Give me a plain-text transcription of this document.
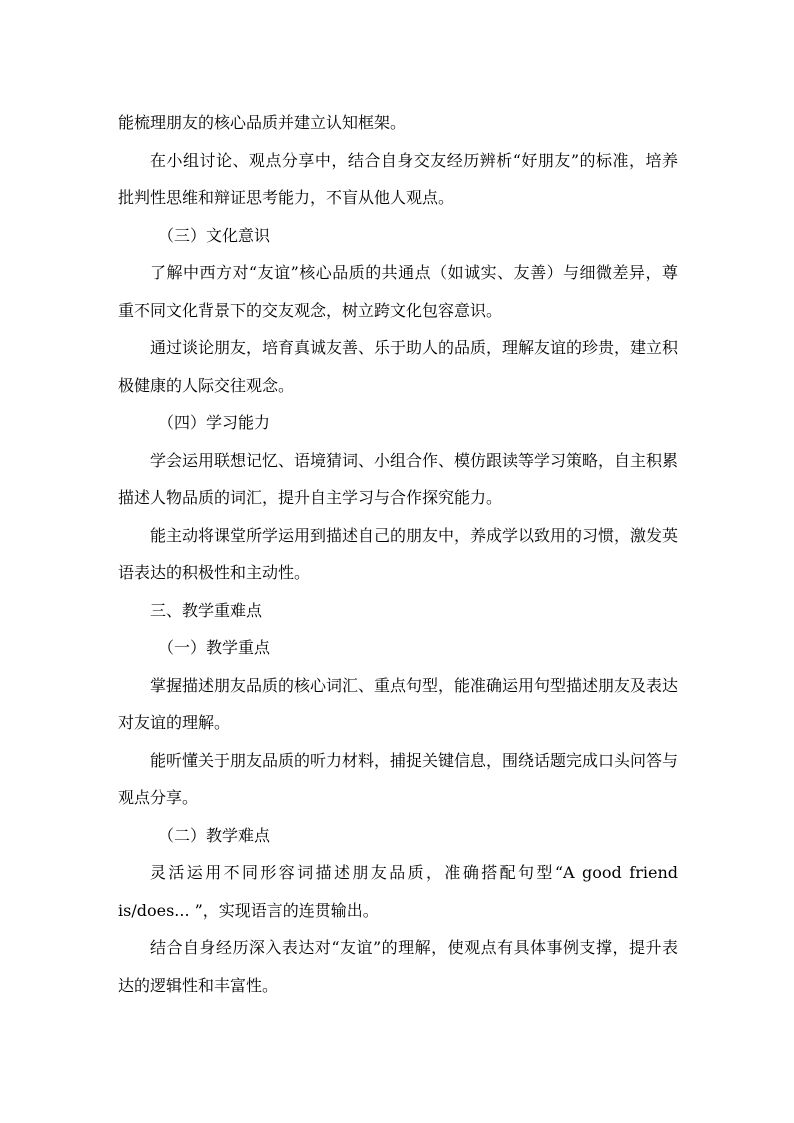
能梳理朋友的核心品质并建立认知框架。

在小组讨论、观点分享中，结合自身交友经历辨析“好朋友”的标准，培养批判性思维和辩证思考能力，不盲从他人观点。

（三）文化意识

了解中西方对“友谊”核心品质的共通点（如诚实、友善）与细微差异，尊重不同文化背景下的交友观念，树立跨文化包容意识。

通过谈论朋友，培育真诚友善、乐于助人的品质，理解友谊的珍贵，建立积极健康的人际交往观念。

（四）学习能力

学会运用联想记忆、语境猜词、小组合作、模仿跟读等学习策略，自主积累描述人物品质的词汇，提升自主学习与合作探究能力。

能主动将课堂所学运用到描述自己的朋友中，养成学以致用的习惯，激发英语表达的积极性和主动性。

三、教学重难点

（一）教学重点

掌握描述朋友品质的核心词汇、重点句型，能准确运用句型描述朋友及表达对友谊的理解。

能听懂关于朋友品质的听力材料，捕捉关键信息，围绕话题完成口头问答与观点分享。

（二）教学难点

灵活运用不同形容词描述朋友品质，准确搭配句型“A good friend is/does... ”，实现语言的连贯输出。

结合自身经历深入表达对“友谊”的理解，使观点有具体事例支撑，提升表达的逻辑性和丰富性。
